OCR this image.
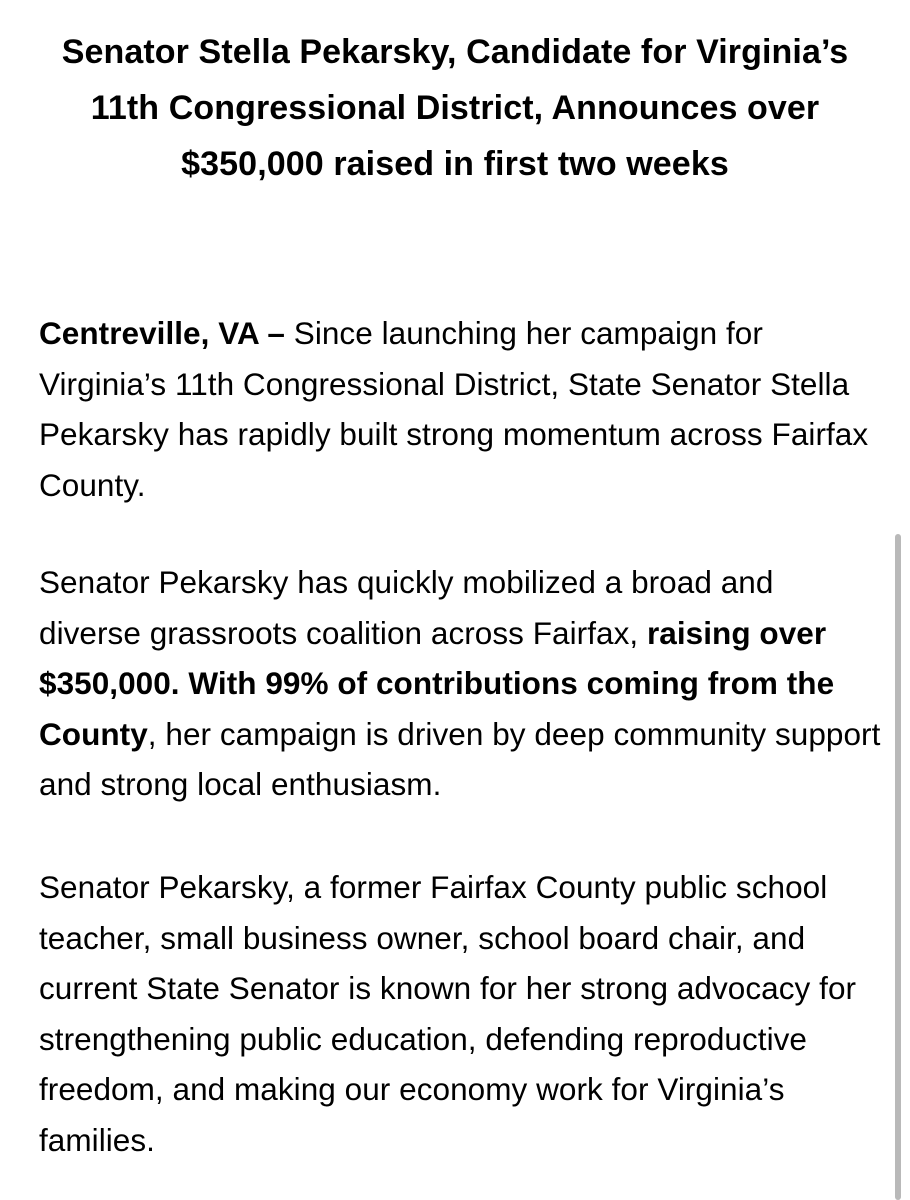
Senator Stella Pekarsky, Candidate for Virginia’s 11th Congressional District, Announces over $350,000 raised in first two weeks

Centreville, VA – Since launching her campaign for Virginia’s 11th Congressional District, State Senator Stella Pekarsky has rapidly built strong momentum across Fairfax County.

Senator Pekarsky has quickly mobilized a broad and diverse grassroots coalition across Fairfax, raising over $350,000. With 99% of contributions coming from the County, her campaign is driven by deep community support and strong local enthusiasm.

Senator Pekarsky, a former Fairfax County public school teacher, small business owner, school board chair, and current State Senator is known for her strong advocacy for strengthening public education, defending reproductive freedom, and making our economy work for Virginia’s families.
